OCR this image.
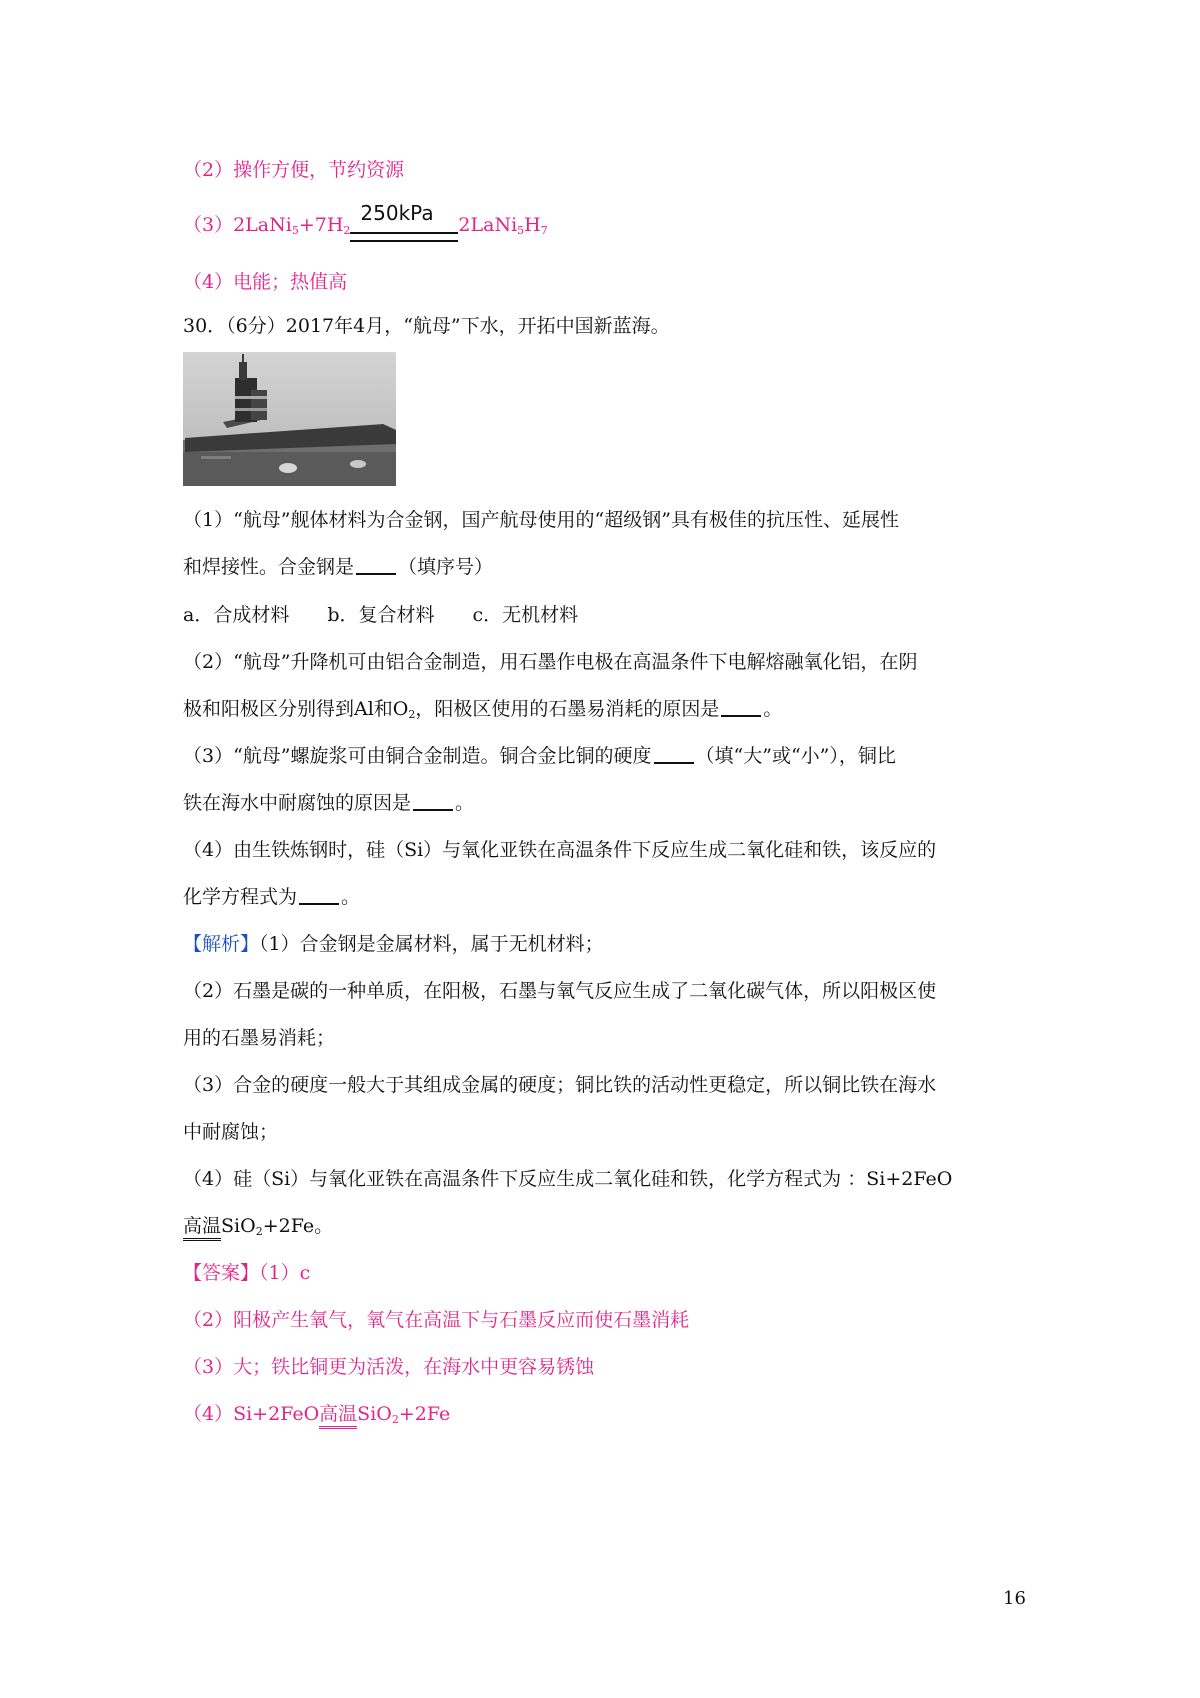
（2）操作方便，节约资源
$(3)2LaNi_5+7H_2$
250kPa $2LaNi_5H_7$
（4）电能；热值高
30．（6分）2017年4月，“航母”下水，开拓中国新蓝海。
（1）“航母”舰体材料为合金钢，国产航母使用的“超级钢”具有极佳的抗压性、延展性
和焊接性。合金钢是 （填序号）
a．合成材料　　b．复合材料　　c．无机材料
（2）“航母”升降机可由铝合金制造，用石墨作电极在高温条件下电解熔融氧化铝，在阴
极和阳极区分别得到Al和$O_2$，阳极区使用的石墨易消耗的原因是 。
（3）“航母”螺旋浆可由铜合金制造。铜合金比铜的硬度 （填“大”或“小”），铜比
铁在海水中耐腐蚀的原因是 。
（4）由生铁炼钢时，硅（Si）与氧化亚铁在高温条件下反应生成二氧化硅和铁，该反应的
化学方程式为 。
【解析】（1）合金钢是金属材料，属于无机材料；
（2）石墨是碳的一种单质，在阳极，石墨与氧气反应生成了二氧化碳气体，所以阳极区使
用的石墨易消耗；
（3）合金的硬度一般大于其组成金属的硬度；铜比铁的活动性更稳定，所以铜比铁在海水
中耐腐蚀；
（4）硅（Si）与氧化亚铁在高温条件下反应生成二氧化硅和铁，化学方程式为 ：Si+2FeO
高温SiO$_2$+2Fe。
【答案】（1）c
（2）阳极产生氧气，氧气在高温下与石墨反应而使石墨消耗
（3）大；铁比铜更为活泼，在海水中更容易锈蚀
（4）Si+2FeO高温SiO$_2$+2Fe
16
